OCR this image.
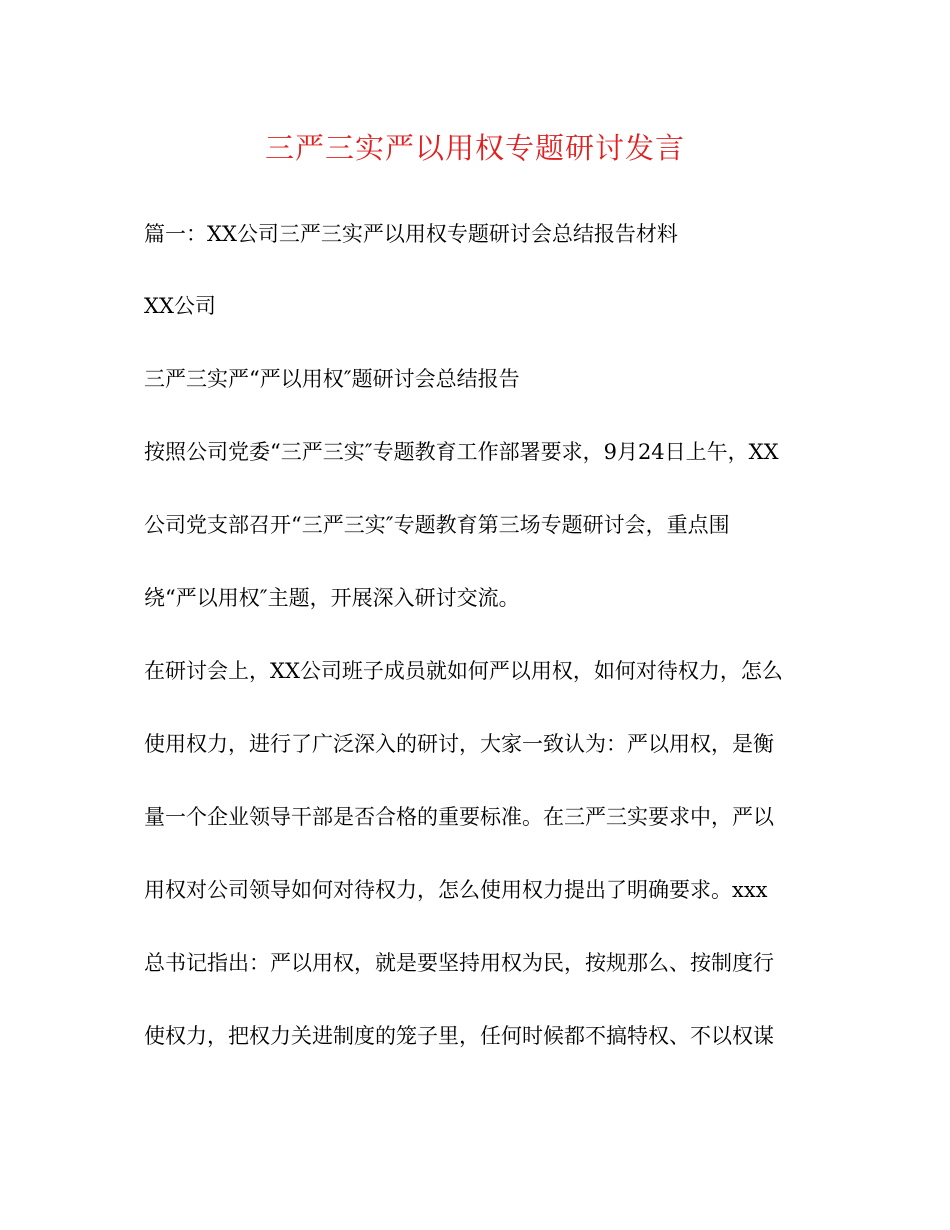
三严三实严以用权专题研讨发言
篇一：XX公司三严三实严以用权专题研讨会总结报告材料
XX公司
三严三实严“严以用权″题研讨会总结报告
按照公司党委“三严三实″专题教育工作部署要求，9月24日上午，XX
公司党支部召开“三严三实″专题教育第三场专题研讨会，重点围
绕“严以用权″主题，开展深入研讨交流。
在研讨会上，XX公司班子成员就如何严以用权，如何对待权力，怎么
使用权力，进行了广泛深入的研讨，大家一致认为：严以用权，是衡
量一个企业领导干部是否合格的重要标准。在三严三实要求中，严以
用权对公司领导如何对待权力，怎么使用权力提出了明确要求。xxx
总书记指出：严以用权，就是要坚持用权为民，按规那么、按制度行
使权力，把权力关进制度的笼子里，任何时候都不搞特权、不以权谋
